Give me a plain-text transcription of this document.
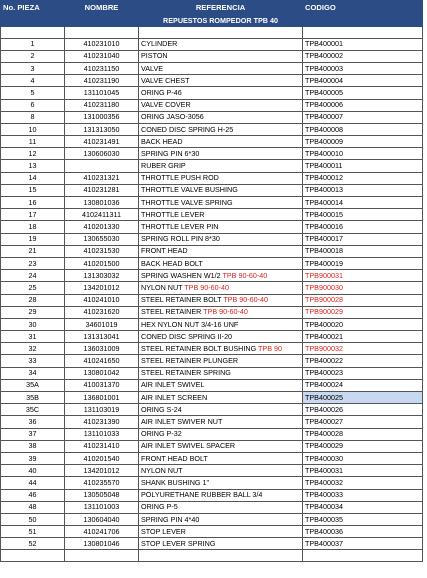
No. PIEZA	NOMBRE	REFERENCIA	CODIGO
		REPUESTOS ROMPEDOR TPB 40	

1	410231010	CYLINDER	TPB400001
2	410231040	PISTON	TPB400002
3	410231150	VALVE	TPB400003
4	410231190	VALVE CHEST	TPB400004
5	131101045	ORING P-46	TPB400005
6	410231180	VALVE COVER	TPB400006
8	131000356	ORING JASO-3056	TPB400007
10	131313050	CONED DISC SPRING H-25	TPB400008
11	410231491	BACK HEAD	TPB400009
12	130606030	SPRING PIN 6*30	TPB400010
13		RUBER GRIP	TPB400011
14	410231321	THROTTLE PUSH ROD	TPB400012
15	410231281	THROTTLE VALVE BUSHING	TPB400013
16	130801036	THROTTLE VALVE SPRING	TPB400014
17	4102411311	THROTTLE LEVER	TPB400015
18	410201330	THROTTLE LEVER PIN	TPB400016
19	130655030	SPRING ROLL PIN 8*30	TPB400017
21	410231530	FRONT HEAD	TPB400018
23	410201500	BACK HEAD BOLT	TPB400019
24	131303032	SPRING WASHEN W1/2 TPB 90-60-40	TPB900031
25	134201012	NYLON NUT TPB 90-60-40	TPB900030
28	410241010	STEEL RETAINER BOLT TPB 90-60-40	TPB900028
29	410231620	STEEL RETAINER TPB 90-60-40	TPB900029
30	34601019	HEX NYLON NUT 3/4-16 UNF	TPB400020
31	131313041	CONED DISC SPRING II-20	TPB400021
32	136031009	STEEL RETAINER BOLT BUSHING TPB 90	TPB900032
33	410241650	STEEL RETAINER PLUNGER	TPB400022
34	130801042	STEEL RETAINER SPRING	TPB400023
35A	410031370	AIR INLET SWIVEL	TPB400024
35B	136801001	AIR INLET SCREEN	TPB400025
35C	131103019	ORING S-24	TPB400026
36	410231390	AIR INLET SWIVER NUT	TPB400027
37	131101033	ORING P-32	TPB400028
38	410231410	AIR INLET SWIVEL SPACER	TPB400029
39	410201540	FRONT HEAD BOLT	TPB400030
40	134201012	NYLON NUT	TPB400031
44	410235570	SHANK BUSHING 1"	TPB400032
46	130505048	POLYURETHANE RUBBER BALL 3/4	TPB400033
48	131101003	ORING P-5	TPB400034
50	130604040	SPRING PIN 4*40	TPB400035
51	410241706	STOP LEVER	TPB400036
52	130801046	STOP LEVER SPRING	TPB400037
